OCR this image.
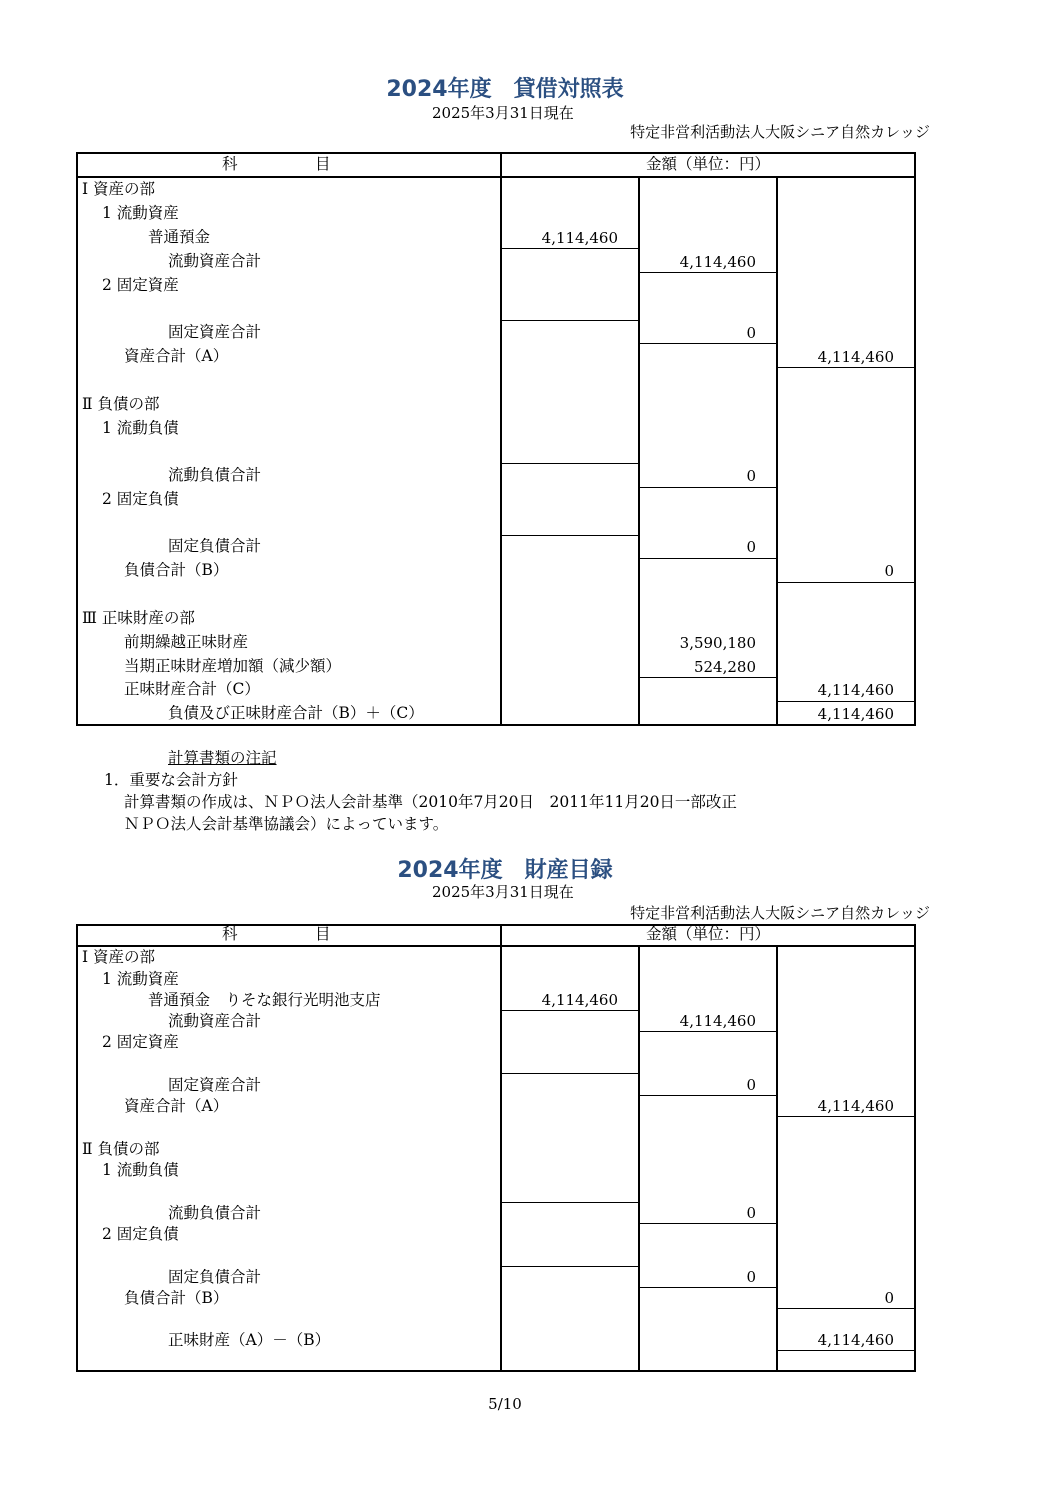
2024年度　貸借対照表
2025年3月31日現在
特定非営利活動法人大阪シニア自然カレッジ
科　　　　　目	金額（単位：円）
Ⅰ 資産の部
1 流動資産
普通預金
流動資産合計
2 固定資産
固定資産合計
資産合計（A）
Ⅱ 負債の部
1 流動負債
流動負債合計
2 固定負債
固定負債合計
負債合計（B）
Ⅲ 正味財産の部
前期繰越正味財産
当期正味財産増加額（減少額）
正味財産合計（C）
負債及び正味財産合計（B）＋（C）
4,114,460
4,114,460
0
4,114,460
0
0
0
3,590,180
524,280
4,114,460
4,114,460
計算書類の注記
1．重要な会計方針
計算書類の作成は、ＮＰＯ法人会計基準（2010年7月20日　2011年11月20日一部改正
ＮＰＯ法人会計基準協議会）によっています。
2024年度　財産目録
2025年3月31日現在
特定非営利活動法人大阪シニア自然カレッジ
科　　　　　目	金額（単位：円）
Ⅰ 資産の部
1 流動資産
普通預金　りそな銀行光明池支店
流動資産合計
2 固定資産
固定資産合計
資産合計（A）
Ⅱ 負債の部
1 流動負債
流動負債合計
2 固定負債
固定負債合計
負債合計（B）
正味財産（A）－（B）
4,114,460
4,114,460
0
4,114,460
0
0
0
4,114,460
5/10
